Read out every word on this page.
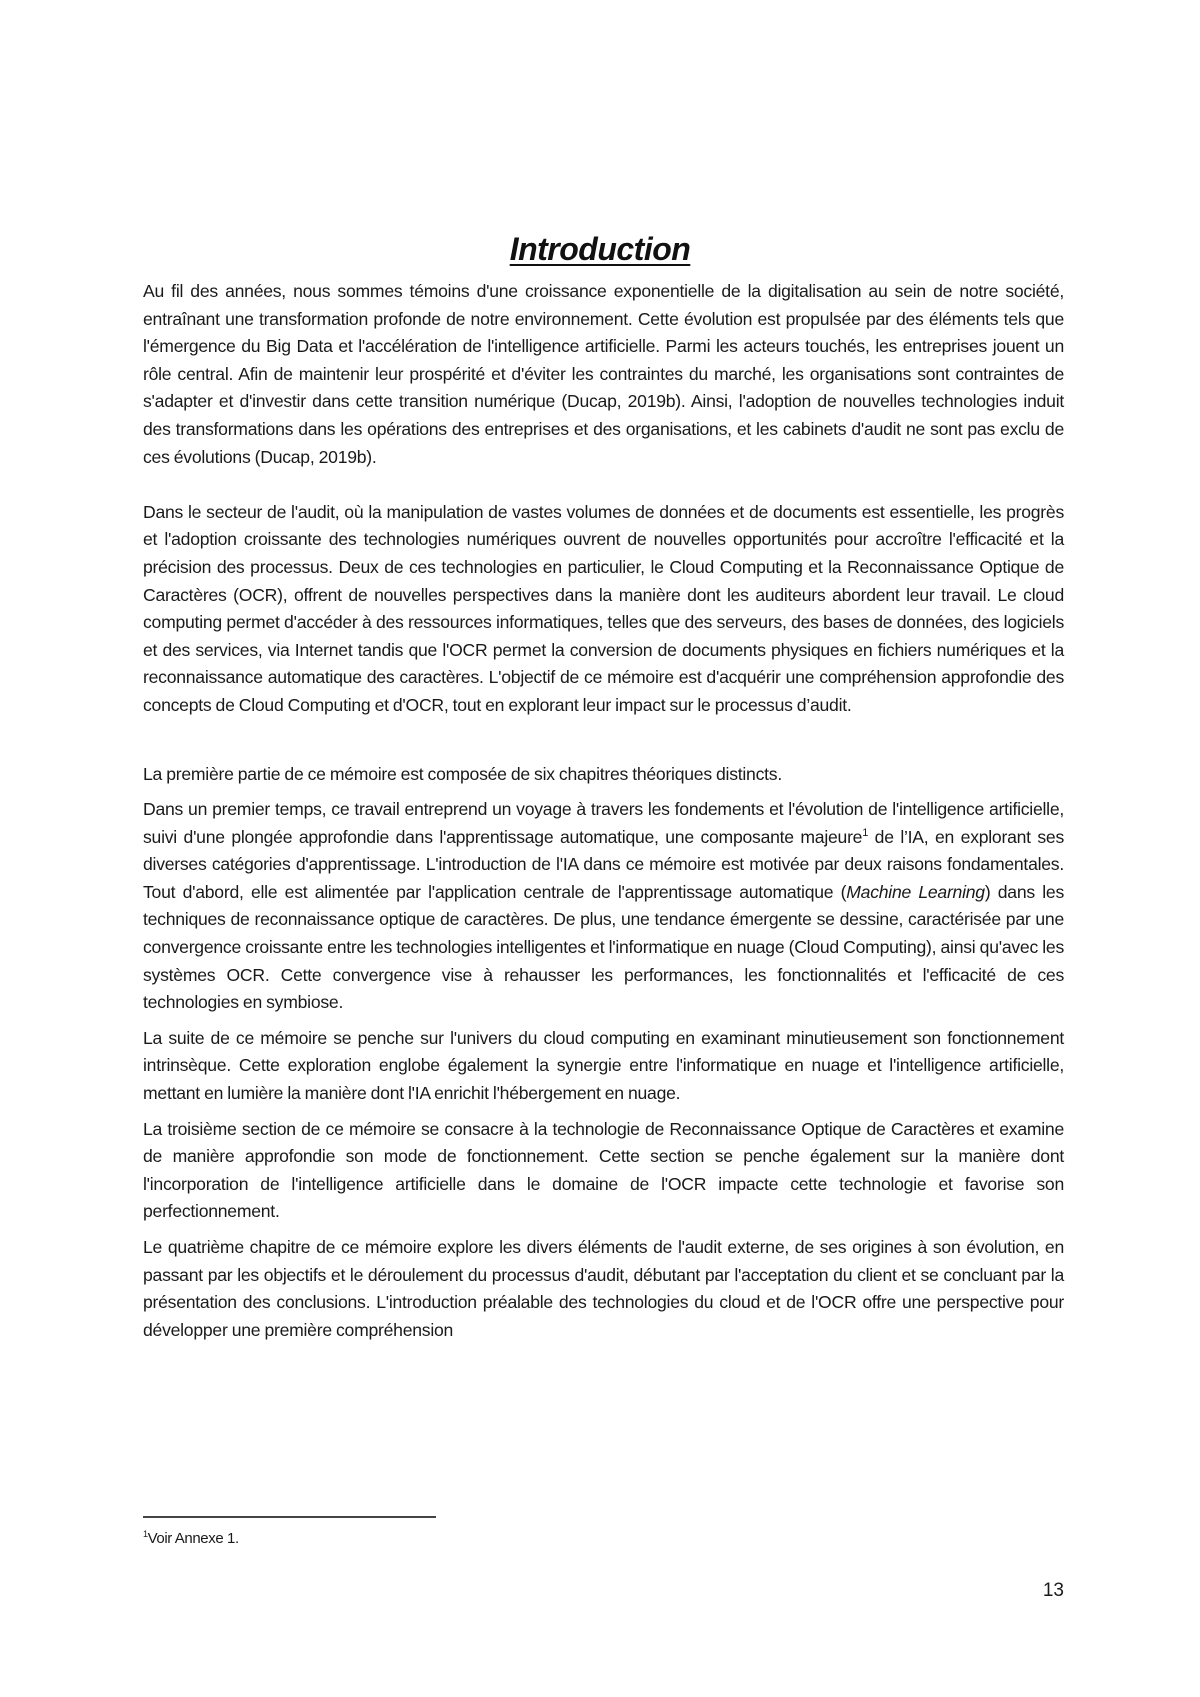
Introduction

Au fil des années, nous sommes témoins d'une croissance exponentielle de la digitalisation au sein de notre société, entraînant une transformation profonde de notre environnement. Cette évolution est propulsée par des éléments tels que l'émergence du Big Data et l'accélération de l'intelligence artificielle. Parmi les acteurs touchés, les entreprises jouent un rôle central. Afin de maintenir leur prospérité et d'éviter les contraintes du marché, les organisations sont contraintes de s'adapter et d'investir dans cette transition numérique (Ducap, 2019b). Ainsi, l'adoption de nouvelles technologies induit des transformations dans les opérations des entreprises et des organisations, et les cabinets d'audit ne sont pas exclu de ces évolutions (Ducap, 2019b).

Dans le secteur de l'audit, où la manipulation de vastes volumes de données et de documents est essentielle, les progrès et l'adoption croissante des technologies numériques ouvrent de nouvelles opportunités pour accroître l'efficacité et la précision des processus. Deux de ces technologies en particulier, le Cloud Computing et la Reconnaissance Optique de Caractères (OCR), offrent de nouvelles perspectives dans la manière dont les auditeurs abordent leur travail. Le cloud computing permet d'accéder à des ressources informatiques, telles que des serveurs, des bases de données, des logiciels et des services, via Internet tandis que l'OCR permet la conversion de documents physiques en fichiers numériques et la reconnaissance automatique des caractères. L'objectif de ce mémoire est d'acquérir une compréhension approfondie des concepts de Cloud Computing et d'OCR, tout en explorant leur impact sur le processus d’audit.

La première partie de ce mémoire est composée de six chapitres théoriques distincts.

Dans un premier temps, ce travail entreprend un voyage à travers les fondements et l'évolution de l'intelligence artificielle, suivi d'une plongée approfondie dans l'apprentissage automatique, une composante majeure$^1$ de l’IA, en explorant ses diverses catégories d'apprentissage. L'introduction de l'IA dans ce mémoire est motivée par deux raisons fondamentales. Tout d'abord, elle est alimentée par l'application centrale de l'apprentissage automatique (Machine Learning) dans les techniques de reconnaissance optique de caractères. De plus, une tendance émergente se dessine, caractérisée par une convergence croissante entre les technologies intelligentes et l'informatique en nuage (Cloud Computing), ainsi qu'avec les systèmes OCR. Cette convergence vise à rehausser les performances, les fonctionnalités et l'efficacité de ces technologies en symbiose.

La suite de ce mémoire se penche sur l'univers du cloud computing en examinant minutieusement son fonctionnement intrinsèque. Cette exploration englobe également la synergie entre l'informatique en nuage et l'intelligence artificielle, mettant en lumière la manière dont l'IA enrichit l'hébergement en nuage.

La troisième section de ce mémoire se consacre à la technologie de Reconnaissance Optique de Caractères et examine de manière approfondie son mode de fonctionnement. Cette section se penche également sur la manière dont l'incorporation de l'intelligence artificielle dans le domaine de l'OCR impacte cette technologie et favorise son perfectionnement.

Le quatrième chapitre de ce mémoire explore les divers éléments de l'audit externe, de ses origines à son évolution, en passant par les objectifs et le déroulement du processus d'audit, débutant par l'acceptation du client et se concluant par la présentation des conclusions. L'introduction préalable des technologies du cloud et de l'OCR offre une perspective pour développer une première compréhension

$^1$Voir Annexe 1.
13
